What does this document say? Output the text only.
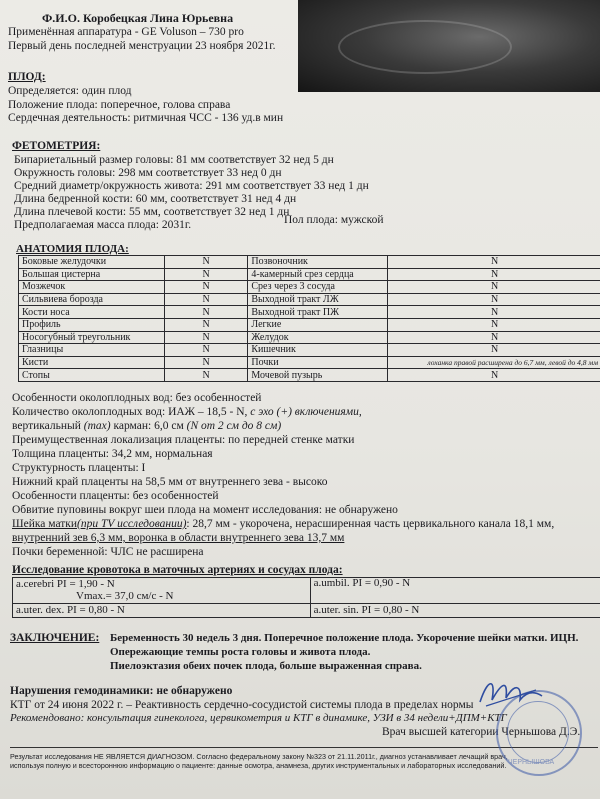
Ф.И.О. Коробецкая Лина Юрьевна
Применённая аппаратура - GE Voluson – 730 pro
Первый день последней менструации 23 ноября 2021г.
ПЛОД:
Определяется: один плод
Положение плода: поперечное, голова справа
Сердечная деятельность: ритмичная ЧСС - 136 уд.в мин
ФЕТОМЕТРИЯ:
Бипариетальный размер головы: 81 мм соответствует 32 нед 5 дн
Окружность головы: 298 мм соответствует 33 нед 0 дн
Средний диаметр/окружность живота: 291 мм соответствует 33 нед 1 дн
Длина бедренной кости: 60 мм, соответствует 31 нед 4 дн
Длина плечевой кости: 55 мм, соответствует 32 нед 1 дн
Предполагаемая масса плода: 2031г.	Пол плода: мужской
АНАТОМИЯ ПЛОДА:
Боковые желудочки	N	Позвоночник	N
Большая цистерна	N	4-камерный срез сердца	N
Мозжечок	N	Срез через 3 сосуда	N
Сильвиева борозда	N	Выходной тракт ЛЖ	N
Кости носа	N	Выходной тракт ПЖ	N
Профиль	N	Легкие	N
Носогубный треугольник	N	Желудок	N
Глазницы	N	Кишечник	N
Кисти	N	Почки	лоханка правой расширена до 6,7 мм, левой до 4,8 мм
Стопы	N	Мочевой пузырь	N
Особенности околоплодных вод: без особенностей
Количество околоплодных вод: ИАЖ – 18,5 - N, с эхо (+) включениями,
вертикальный (max) карман: 6,0 см (N от 2 см до 8 см)
Преимущественная локализация плаценты: по передней стенке матки
Толщина плаценты: 34,2 мм, нормальная
Структурность плаценты: I
Нижний край плаценты на 58,5 мм от внутреннего зева - высоко
Особенности плаценты: без особенностей
Обвитие пуповины вокруг шеи плода на момент исследования: не обнаружено
Шейка матки(при TV исследовании): 28,7 мм - укорочена, нерасширенная часть цервикального канала 18,1 мм,
внутренний зев 6,3 мм, воронка в области внутреннего зева 13,7 мм
Почки беременной: ЧЛС не расширена
Исследование кровотока в маточных артериях и сосудах плода:
a.cerebri PI = 1,90 - N
Vmax.= 37,0 см/с - N	a.umbil. PI = 0,90 - N
a.uter. dex. PI = 0,80 - N	a.uter. sin. PI = 0,80 - N
ЗАКЛЮЧЕНИЕ: Беременность 30 недель 3 дня. Поперечное положение плода. Укорочение шейки матки. ИЦН.
Опережающие темпы роста головы и живота плода.
Пиелоэктазия обеих почек плода, больше выраженная справа.
Нарушения гемодинамики: не обнаружено
КТГ от 24 июня 2022 г. – Реактивность сердечно-сосудистой системы плода в пределах нормы
Рекомендовано: консультация гинеколога, цервикометрия и КТГ в динамике, УЗИ в 34 недели+ДПМ+КТГ
Врач высшей категории Черньшова Д.Э.
Результат исследования НЕ ЯВЛЯЕТСЯ ДИАГНОЗОМ. Согласно федеральному закону №323 от 21.11.2011г., диагноз устанавливает лечащий врач,
используя полную и всестороннюю информацию о пациенте: данные осмотра, анамнеза, других инструментальных и лабораторных исследований. ЧЕРНЫШОВА
